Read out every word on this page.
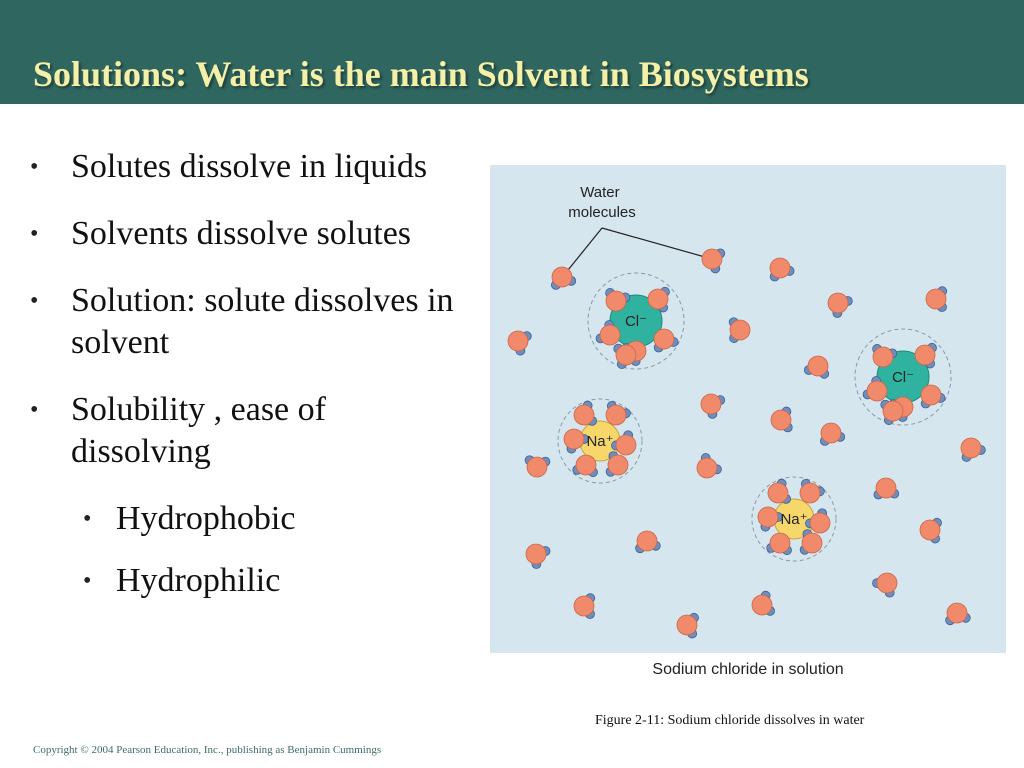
Solutions: Water is the main Solvent in Biosystems
• Solutes dissolve in liquids
• Solvents dissolve solutes
• Solution: solute dissolves in solvent
• Solubility , ease of dissolving
• Hydrophobic
• Hydrophilic
Water molecules
Cl⁻
Cl⁻
Na⁺
Na⁺
Sodium chloride in solution
Figure 2-11: Sodium chloride dissolves in water
Copyright © 2004 Pearson Education, Inc., publishing as Benjamin Cummings
